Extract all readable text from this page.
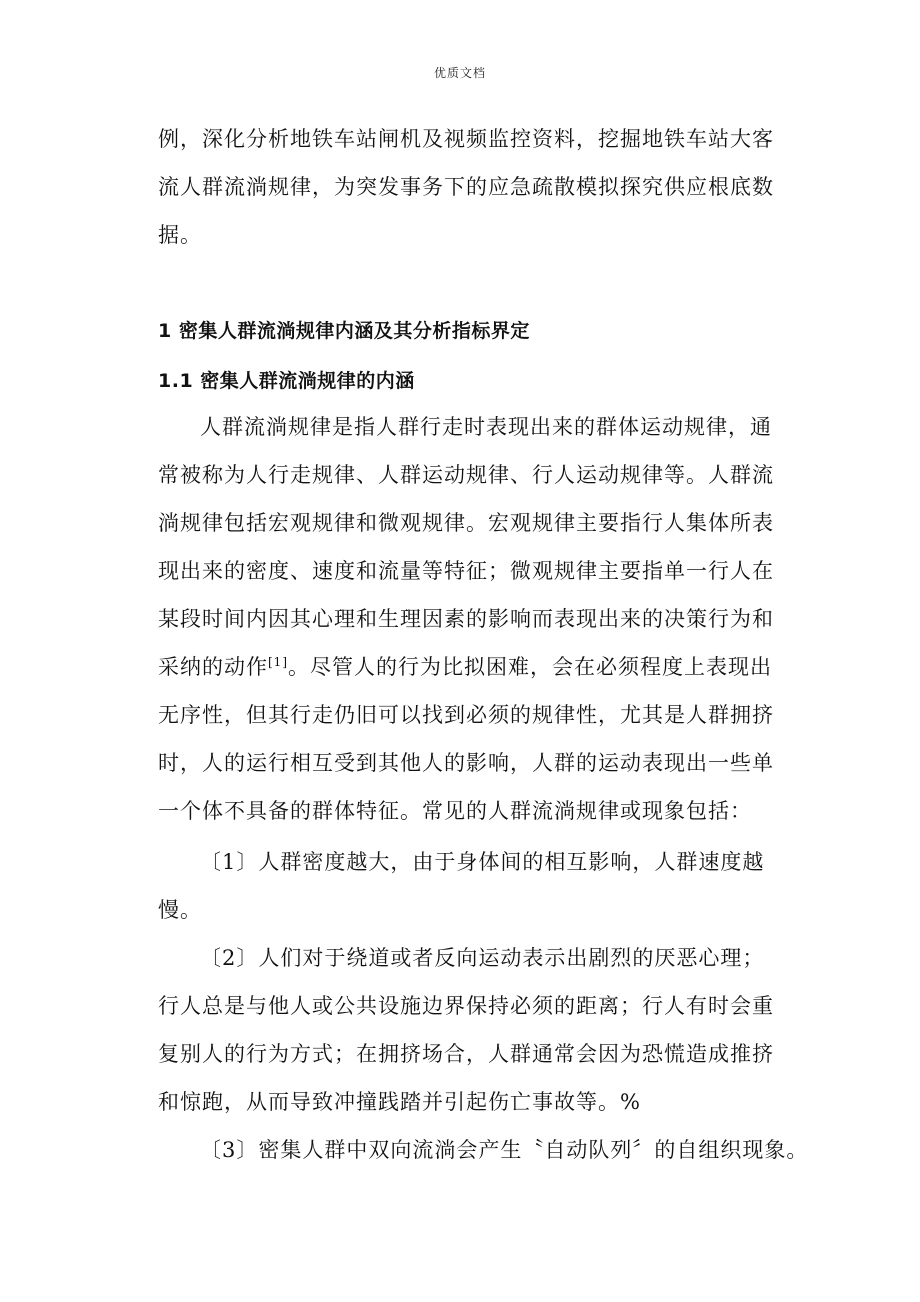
优质文档
例，深化分析地铁车站闸机及视频监控资料，挖掘地铁车站大客
流人群流淌规律，为突发事务下的应急疏散模拟探究供应根底数
据。
1 密集人群流淌规律内涵及其分析指标界定
1.1 密集人群流淌规律的内涵
人群流淌规律是指人群行走时表现出来的群体运动规律，通
常被称为人行走规律、人群运动规律、行人运动规律等。人群流
淌规律包括宏观规律和微观规律。宏观规律主要指行人集体所表
现出来的密度、速度和流量等特征；微观规律主要指单一行人在
某段时间内因其心理和生理因素的影响而表现出来的决策行为和
采纳的动作[1]。尽管人的行为比拟困难，会在必须程度上表现出
无序性，但其行走仍旧可以找到必须的规律性，尤其是人群拥挤
时，人的运行相互受到其他人的影响，人群的运动表现出一些单
一个体不具备的群体特征。常见的人群流淌规律或现象包括：
〔1〕人群密度越大，由于身体间的相互影响，人群速度越
慢。
〔2〕人们对于绕道或者反向运动表示出剧烈的厌恶心理；
行人总是与他人或公共设施边界保持必须的距离；行人有时会重
复别人的行为方式；在拥挤场合，人群通常会因为恐慌造成推挤
和惊跑，从而导致冲撞践踏并引起伤亡事故等。%
〔3〕密集人群中双向流淌会产生〝自动队列〞的自组织现象。
